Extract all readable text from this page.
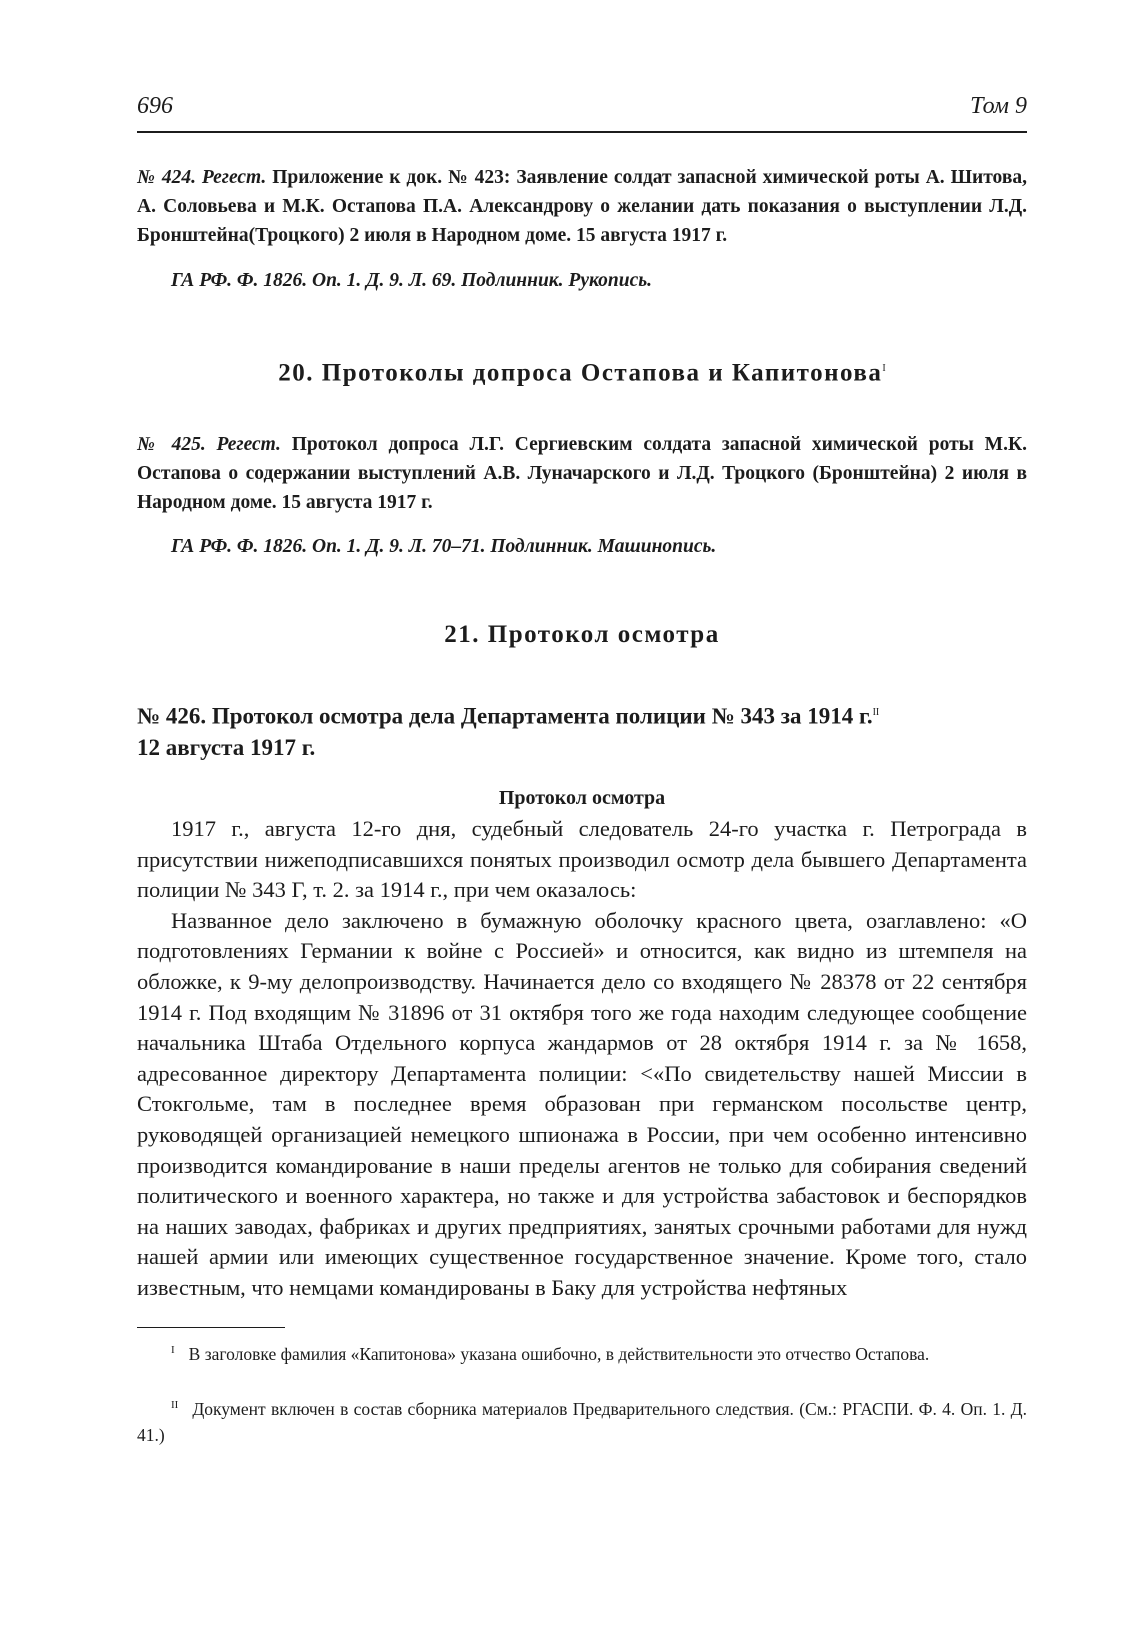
696	Том 9
№ 424. Регест. Приложение к док. № 423: Заявление солдат запасной химической роты А. Шитова, А. Соловьева и М.К. Остапова П.А. Александрову о желании дать показания о выступлении Л.Д. Бронштейна(Троцкого) 2 июля в Народном доме. 15 августа 1917 г.
ГА РФ. Ф. 1826. Оп. 1. Д. 9. Л. 69. Подлинник. Рукопись.
20. Протоколы допроса Остапова и Капитонова$^I$
№ 425. Регест. Протокол допроса Л.Г. Сергиевским солдата запасной химической роты М.К. Остапова о содержании выступлений А.В. Луначарского и Л.Д. Троцкого (Бронштейна) 2 июля в Народном доме. 15 августа 1917 г.
ГА РФ. Ф. 1826. Оп. 1. Д. 9. Л. 70–71. Подлинник. Машинопись.
21. Протокол осмотра
№ 426. Протокол осмотра дела Департамента полиции № 343 за 1914 г.$^{II}$
12 августа 1917 г.
Протокол осмотра

1917 г., августа 12-го дня, судебный следователь 24-го участка г. Петрограда в присутствии нижеподписавшихся понятых производил осмотр дела бывшего Департамента полиции № 343 Г, т. 2. за 1914 г., при чем оказалось:

Названное дело заключено в бумажную оболочку красного цвета, озаглавлено: «О подготовлениях Германии к войне с Россией» и относится, как видно из штемпеля на обложке, к 9-му делопроизводству. Начинается дело со входящего № 28378 от 22 сентября 1914 г. Под входящим № 31896 от 31 октября того же года находим следующее сообщение начальника Штаба Отдельного корпуса жандармов от 28 октября 1914 г. за № 1658, адресованное директору Департамента полиции: <«По свидетельству нашей Миссии в Стокгольме, там в последнее время образован при германском посольстве центр, руководящей организацией немецкого шпионажа в России, при чем особенно интенсивно производится командирование в наши пределы агентов не только для собирания сведений политического и военного характера, но также и для устройства забастовок и беспорядков на наших заводах, фабриках и других предприятиях, занятых срочными работами для нужд нашей армии или имеющих существенное государственное значение. Кроме того, стало известным, что немцами командированы в Баку для устройства нефтяных

$^I$ В заголовке фамилия «Капитонова» указана ошибочно, в действительности это отчество Остапова.
$^{II}$ Документ включен в состав сборника материалов Предварительного следствия. (См.: РГАСПИ. Ф. 4. Оп. 1. Д. 41.)
